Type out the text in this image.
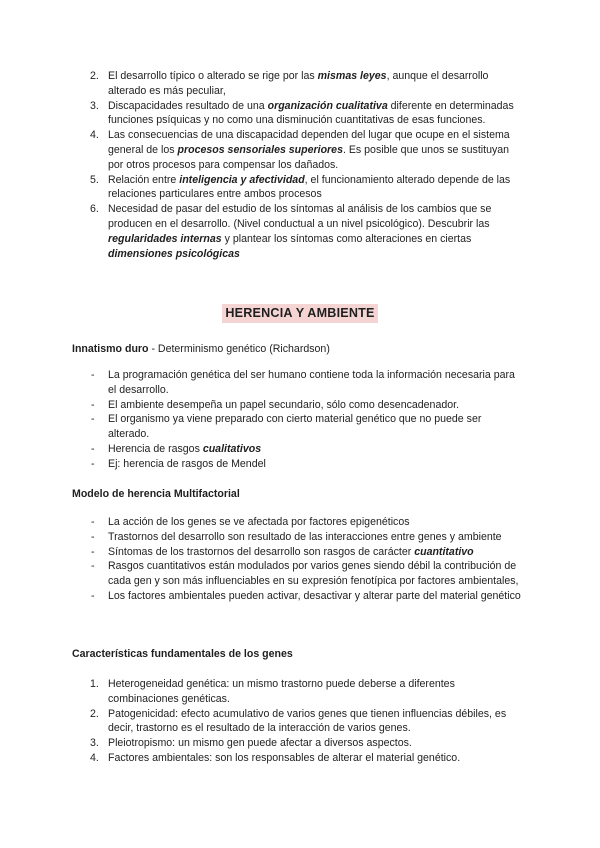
2. El desarrollo típico o alterado se rige por las mismas leyes, aunque el desarrollo alterado es más peculiar,

3. Discapacidades resultado de una organización cualitativa diferente en determinadas funciones psíquicas y no como una disminución cuantitativas de esas funciones.

4. Las consecuencias de una discapacidad dependen del lugar que ocupe en el sistema general de los procesos sensoriales superiores. Es posible que unos se sustituyan por otros procesos para compensar los dañados.

5. Relación entre inteligencia y afectividad, el funcionamiento alterado depende de las relaciones particulares entre ambos procesos

6. Necesidad de pasar del estudio de los síntomas al análisis de los cambios que se producen en el desarrollo. (Nivel conductual a un nivel psicológico). Descubrir las regularidades internas y plantear los síntomas como alteraciones en ciertas dimensiones psicológicas

HERENCIA Y AMBIENTE

Innatismo duro - Determinismo genético (Richardson)

- La programación genética del ser humano contiene toda la información necesaria para el desarrollo.

- El ambiente desempeña un papel secundario, sólo como desencadenador.

- El organismo ya viene preparado con cierto material genético que no puede ser alterado.

- Herencia de rasgos cualitativos

- Ej: herencia de rasgos de Mendel

Modelo de herencia Multifactorial

- La acción de los genes se ve afectada por factores epigenéticos

- Trastornos del desarrollo son resultado de las interacciones entre genes y ambiente

- Síntomas de los trastornos del desarrollo son rasgos de carácter cuantitativo

- Rasgos cuantitativos están modulados por varios genes siendo débil la contribución de cada gen y son más influenciables en su expresión fenotípica por factores ambientales,

- Los factores ambientales pueden activar, desactivar y alterar parte del material genético

Características fundamentales de los genes

1. Heterogeneidad genética: un mismo trastorno puede deberse a diferentes combinaciones genéticas.

2. Patogenicidad: efecto acumulativo de varios genes que tienen influencias débiles, es decir, trastorno es el resultado de la interacción de varios genes.

3. Pleiotropismo: un mismo gen puede afectar a diversos aspectos.

4. Factores ambientales: son los responsables de alterar el material genético.
